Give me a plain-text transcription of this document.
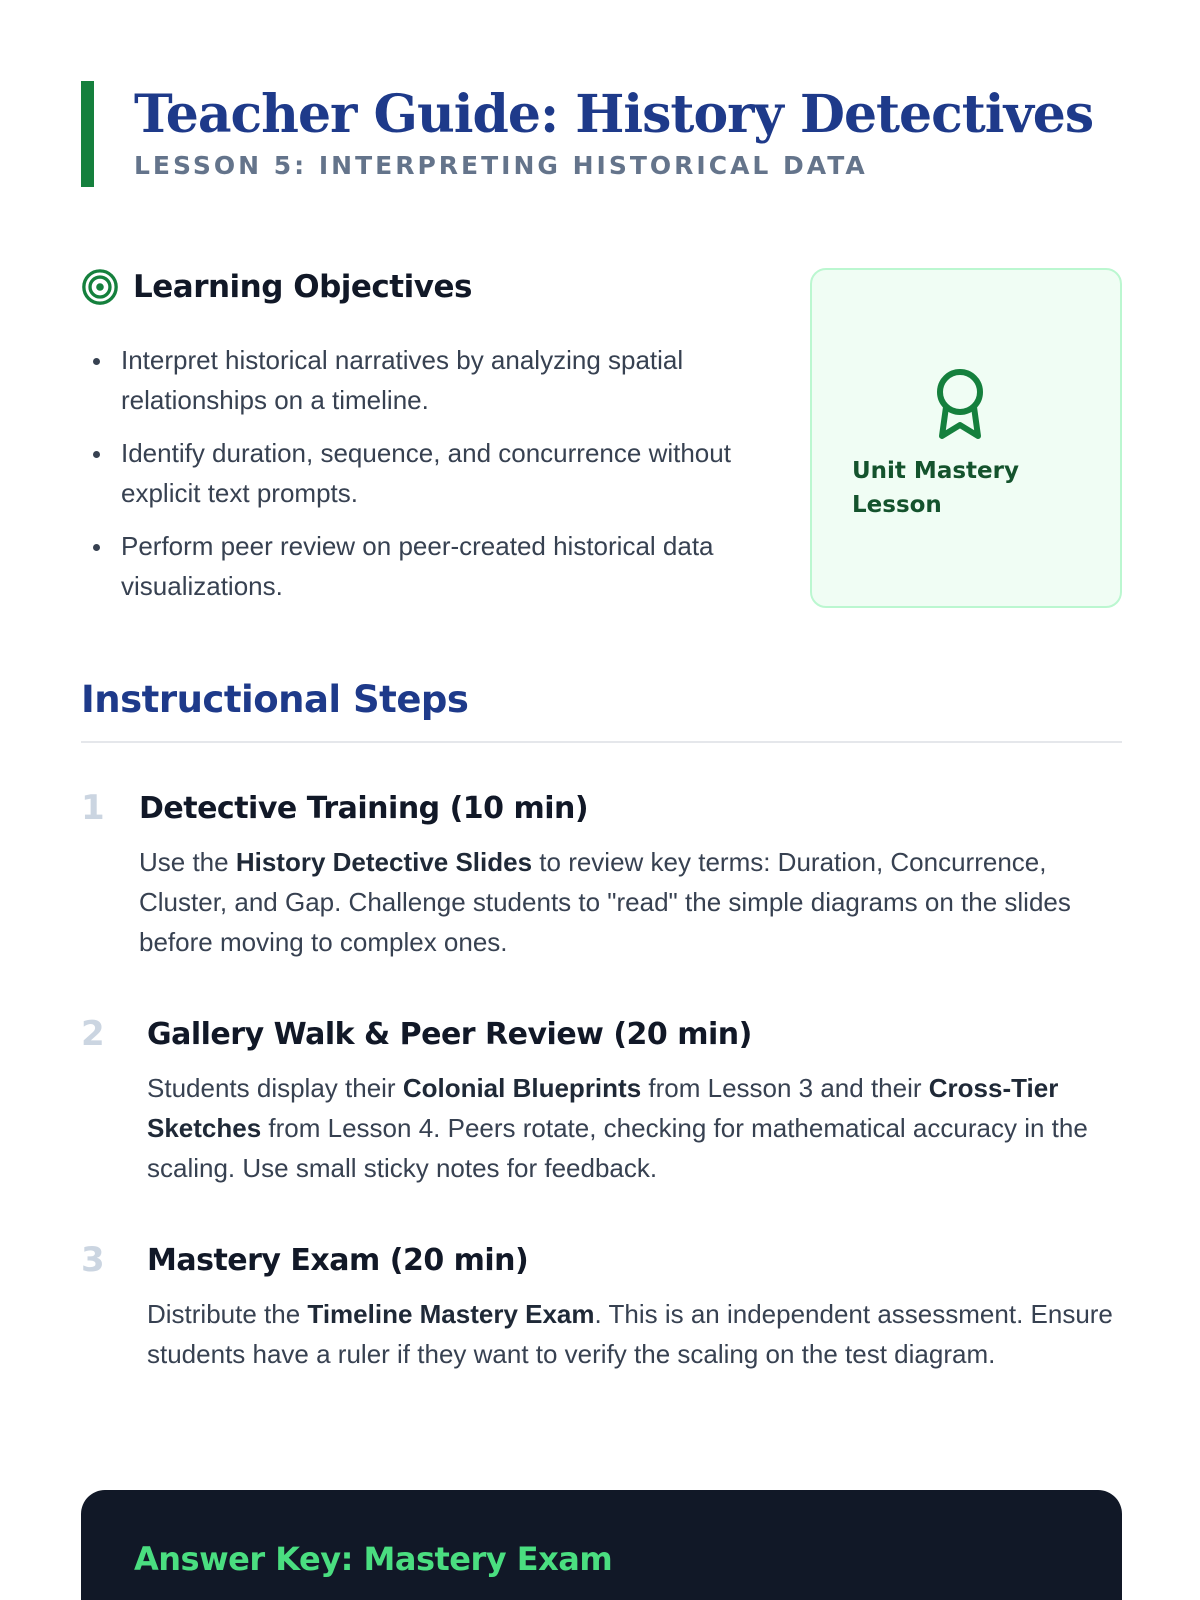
Teacher Guide: History Detectives
LESSON 5: INTERPRETING HISTORICAL DATA
Learning Objectives
Interpret historical narratives by analyzing spatial relationships on a timeline.
Identify duration, sequence, and concurrence without explicit text prompts.
Perform peer review on peer-created historical data visualizations.
Unit Mastery Lesson
Instructional Steps
1 Detective Training (10 min)

Use the History Detective Slides to review key terms: Duration, Concurrence, Cluster, and Gap. Challenge students to "read" the simple diagrams on the slides before moving to complex ones.

2 Gallery Walk & Peer Review (20 min)

Students display their Colonial Blueprints from Lesson 3 and their Cross-Tier Sketches from Lesson 4. Peers rotate, checking for mathematical accuracy in the scaling. Use small sticky notes for feedback.

3 Mastery Exam (20 min)

Distribute the Timeline Mastery Exam. This is an independent assessment. Ensure students have a ruler if they want to verify the scaling on the test diagram.

Answer Key: Mastery Exam
